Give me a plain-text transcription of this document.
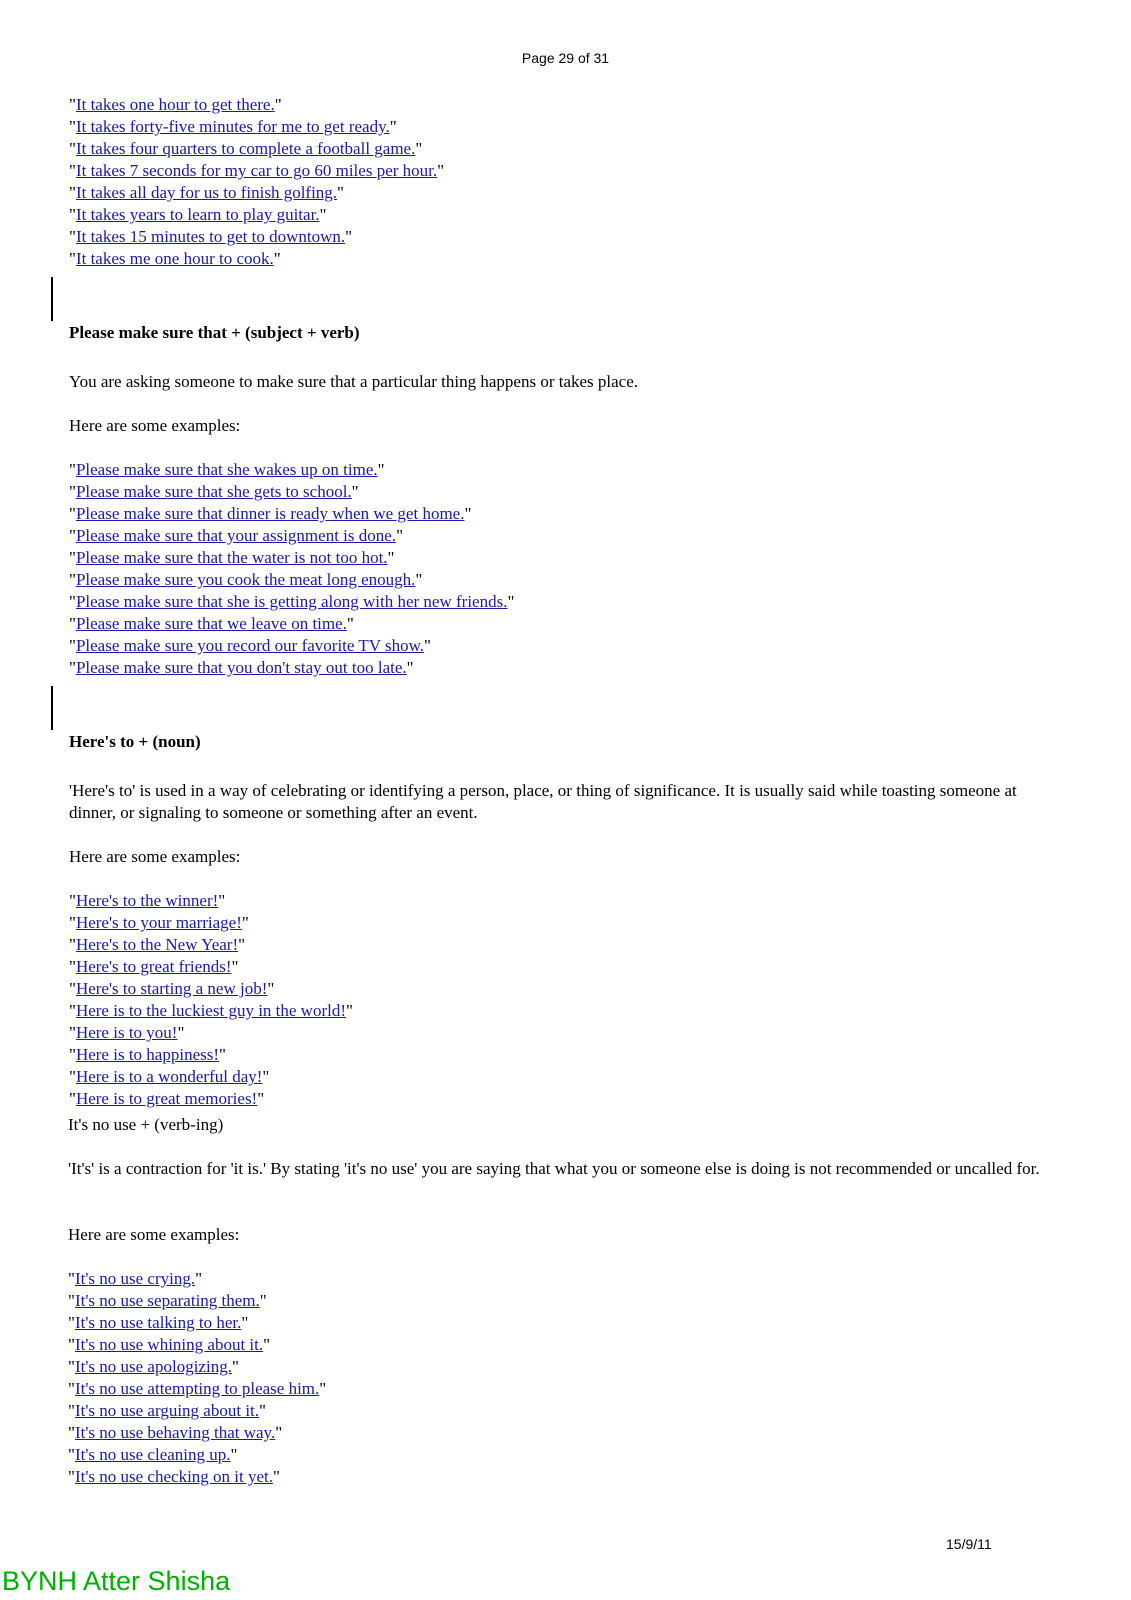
Page 29 of 31
"It takes one hour to get there."
"It takes forty-five minutes for me to get ready."
"It takes four quarters to complete a football game."
"It takes 7 seconds for my car to go 60 miles per hour."
"It takes all day for us to finish golfing."
"It takes years to learn to play guitar."
"It takes 15 minutes to get to downtown."
"It takes me one hour to cook."
Please make sure that + (subject + verb)
You are asking someone to make sure that a particular thing happens or takes place.
Here are some examples:
"Please make sure that she wakes up on time."
"Please make sure that she gets to school."
"Please make sure that dinner is ready when we get home."
"Please make sure that your assignment is done."
"Please make sure that the water is not too hot."
"Please make sure you cook the meat long enough."
"Please make sure that she is getting along with her new friends."
"Please make sure that we leave on time."
"Please make sure you record our favorite TV show."
"Please make sure that you don't stay out too late."
Here's to + (noun)
'Here's to' is used in a way of celebrating or identifying a person, place, or thing of significance. It is usually said while toasting someone at dinner, or signaling to someone or something after an event.
Here are some examples:
"Here's to the winner!"
"Here's to your marriage!"
"Here's to the New Year!"
"Here's to great friends!"
"Here's to starting a new job!"
"Here is to the luckiest guy in the world!"
"Here is to you!"
"Here is to happiness!"
"Here is to a wonderful day!"
"Here is to great memories!"
It's no use + (verb-ing)
'It's' is a contraction for 'it is.' By stating 'it's no use' you are saying that what you or someone else is doing is not recommended or uncalled for.
Here are some examples:
"It's no use crying."
"It's no use separating them."
"It's no use talking to her."
"It's no use whining about it."
"It's no use apologizing."
"It's no use attempting to please him."
"It's no use arguing about it."
"It's no use behaving that way."
"It's no use cleaning up."
"It's no use checking on it yet."
15/9/11
BYNH Atter Shisha
